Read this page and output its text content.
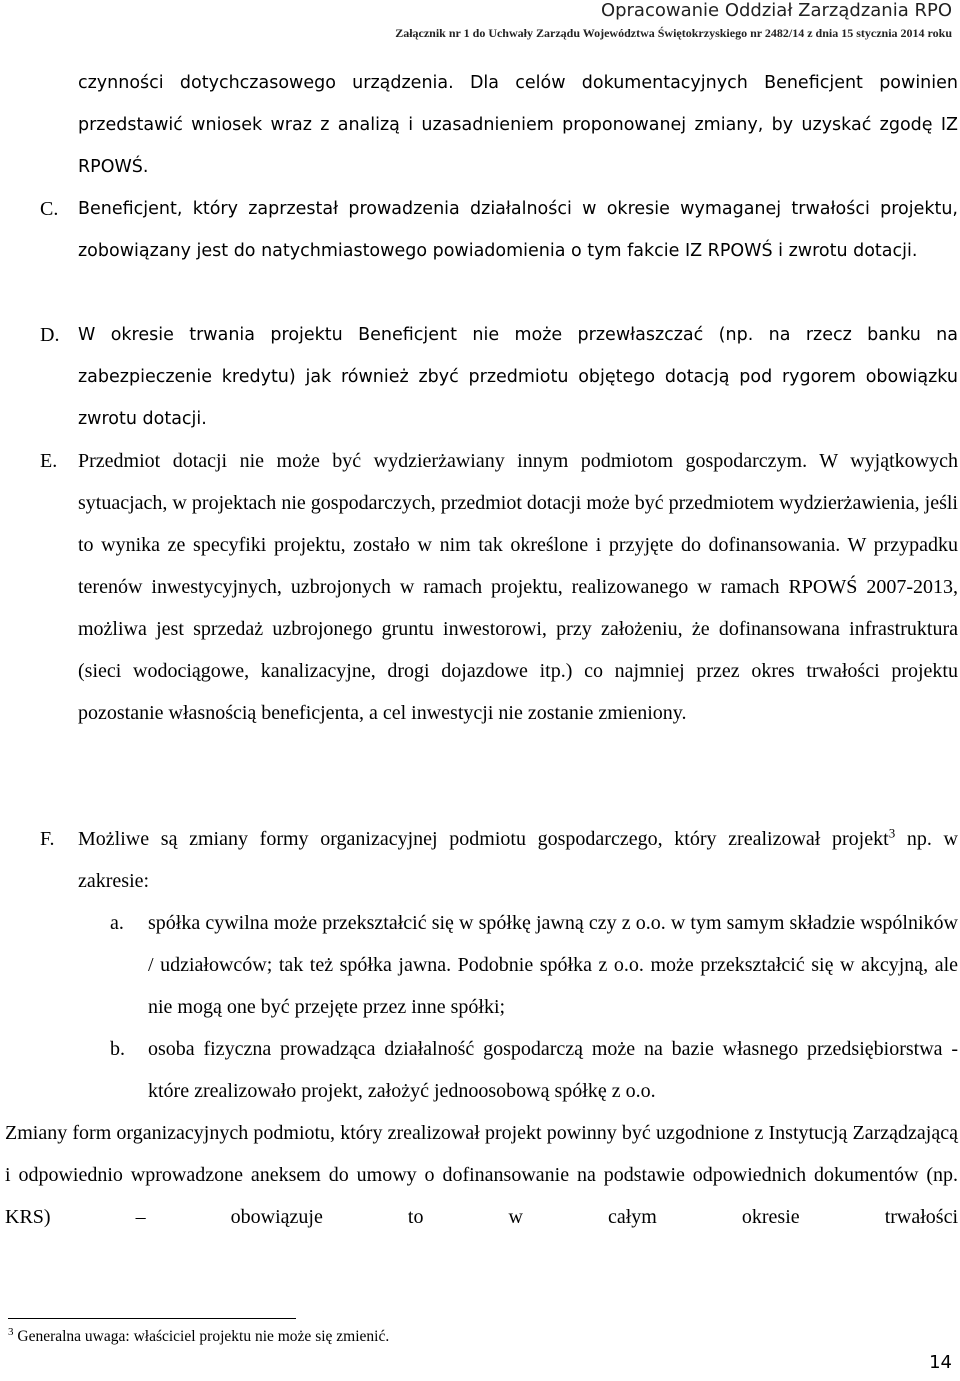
Opracowanie Oddział Zarządzania RPO
Załącznik nr 1 do Uchwały Zarządu Województwa Świętokrzyskiego nr 2482/14 z dnia 15 stycznia 2014 roku
czynności dotychczasowego urządzenia. Dla celów dokumentacyjnych Beneficjent powinien przedstawić wniosek wraz z analizą i uzasadnieniem proponowanej zmiany, by uzyskać zgodę IZ RPOWŚ.
C. Beneficjent, który zaprzestał prowadzenia działalności w okresie wymaganej trwałości projektu, zobowiązany jest do natychmiastowego powiadomienia o tym fakcie IZ RPOWŚ i zwrotu dotacji.
D. W okresie trwania projektu Beneficjent nie może przewłaszczać (np. na rzecz banku na zabezpieczenie kredytu) jak również zbyć przedmiotu objętego dotacją pod rygorem obowiązku zwrotu dotacji.
E. Przedmiot dotacji nie może być wydzierżawiany innym podmiotom gospodarczym. W wyjątkowych sytuacjach, w projektach nie gospodarczych, przedmiot dotacji może być przedmiotem wydzierżawienia, jeśli to wynika ze specyfiki projektu, zostało w nim tak określone i przyjęte do dofinansowania. W przypadku terenów inwestycyjnych, uzbrojonych w ramach projektu, realizowanego w ramach RPOWŚ 2007-2013, możliwa jest sprzedaż uzbrojonego gruntu inwestorowi, przy założeniu, że dofinansowana infrastruktura (sieci wodociągowe, kanalizacyjne, drogi dojazdowe itp.) co najmniej przez okres trwałości projektu pozostanie własnością beneficjenta, a cel inwestycji nie zostanie zmieniony.
F. Możliwe są zmiany formy organizacyjnej podmiotu gospodarczego, który zrealizował projekt$^3$ np. w zakresie:
a. spółka cywilna może przekształcić się w spółkę jawną czy z o.o. w tym samym składzie wspólników / udziałowców; tak też spółka jawna. Podobnie spółka z o.o. może przekształcić się w akcyjną, ale nie mogą one być przejęte przez inne spółki;
b. osoba fizyczna prowadząca działalność gospodarczą może na bazie własnego przedsiębiorstwa - które zrealizowało projekt, założyć jednoosobową spółkę z o.o.
Zmiany form organizacyjnych podmiotu, który zrealizował projekt powinny być uzgodnione z Instytucją Zarządzającą i odpowiednio wprowadzone aneksem do umowy o dofinansowanie na podstawie odpowiednich dokumentów (np. KRS) – obowiązuje to w całym okresie trwałości
$^3$ Generalna uwaga: właściciel projektu nie może się zmienić.
14
